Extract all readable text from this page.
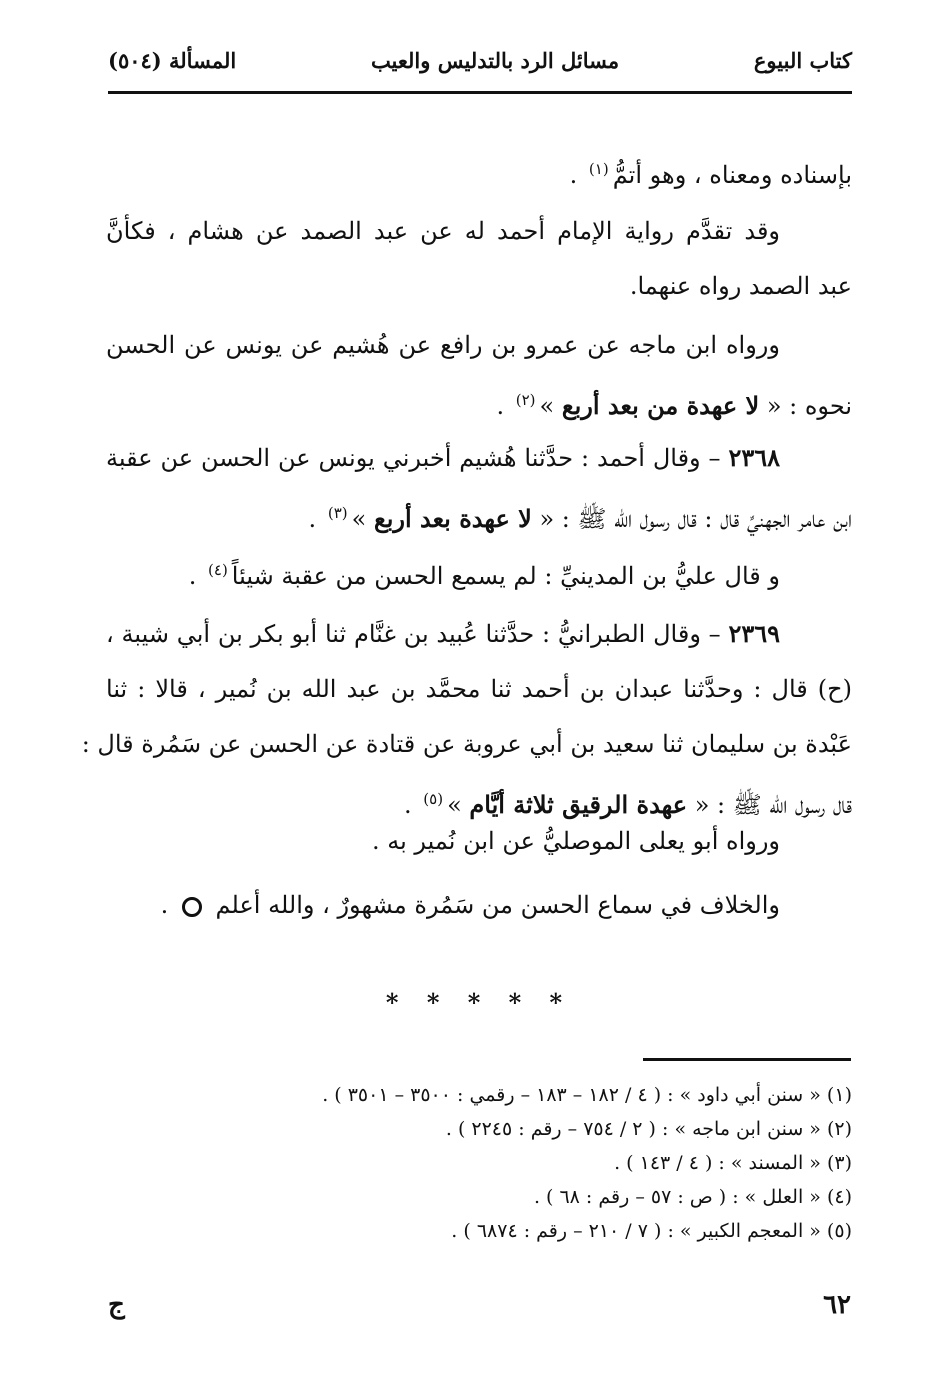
كتاب البيوع
مسائل الرد بالتدليس والعيب
المسألة (٥٠٤)
بإسناده ومعناه ، وهو أتمُّ$^{(١)}$ .
وقد تقدَّم رواية الإمام أحمد له عن عبد الصمد عن هشام ، فكأنَّ
عبد الصمد رواه عنهما.
ورواه ابن ماجه عن عمرو بن رافع عن هُشيم عن يونس عن الحسن
نحوه : « لا عهدة من بعد أربع »$^{(٢)}$ .
٢٣٦٨ – وقال أحمد : حدَّثنا هُشيم أخبرني يونس عن الحسن عن عقبة
ابن عامر الجهنيِّ قال : قال رسول الله ﷺ : « لا عهدة بعد أربع »$^{(٣)}$ .
و قال عليُّ بن المدينيِّ : لم يسمع الحسن من عقبة شيئاً$^{(٤)}$ .
٢٣٦٩ – وقال الطبرانيُّ : حدَّثنا عُبيد بن غنَّام ثنا أبو بكر بن أبي شيبة ،
(ح) قال : وحدَّثنا عبدان بن أحمد ثنا محمَّد بن عبد الله بن نُمير ، قالا : ثنا
عَبْدة بن سليمان ثنا سعيد بن أبي عروبة عن قتادة عن الحسن عن سَمُرة قال :
قال رسول الله ﷺ : « عهدة الرقيق ثلاثة أيَّام »$^{(٥)}$ .
ورواه أبو يعلى الموصليُّ عن ابن نُمير به .
والخلاف في سماع الحسن من سَمُرة مشهورٌ ، والله أعلم  .
* * * * *
(١) « سنن أبي داود » : ( ٤ / ١٨٢ – ١٨٣ – رقمي : ٣٥٠٠ – ٣٥٠١ ) .
(٢) « سنن ابن ماجه » : ( ٢ / ٧٥٤ – رقم : ٢٢٤٥ ) .
(٣) « المسند » : ( ٤ / ١٤٣ ) .
(٤) « العلل » : ( ص : ٥٧ – رقم : ٦٨ ) .
(٥) « المعجم الكبير » : ( ٧ / ٢١٠ – رقم : ٦٨٧٤ ) .
٦٢
ج
